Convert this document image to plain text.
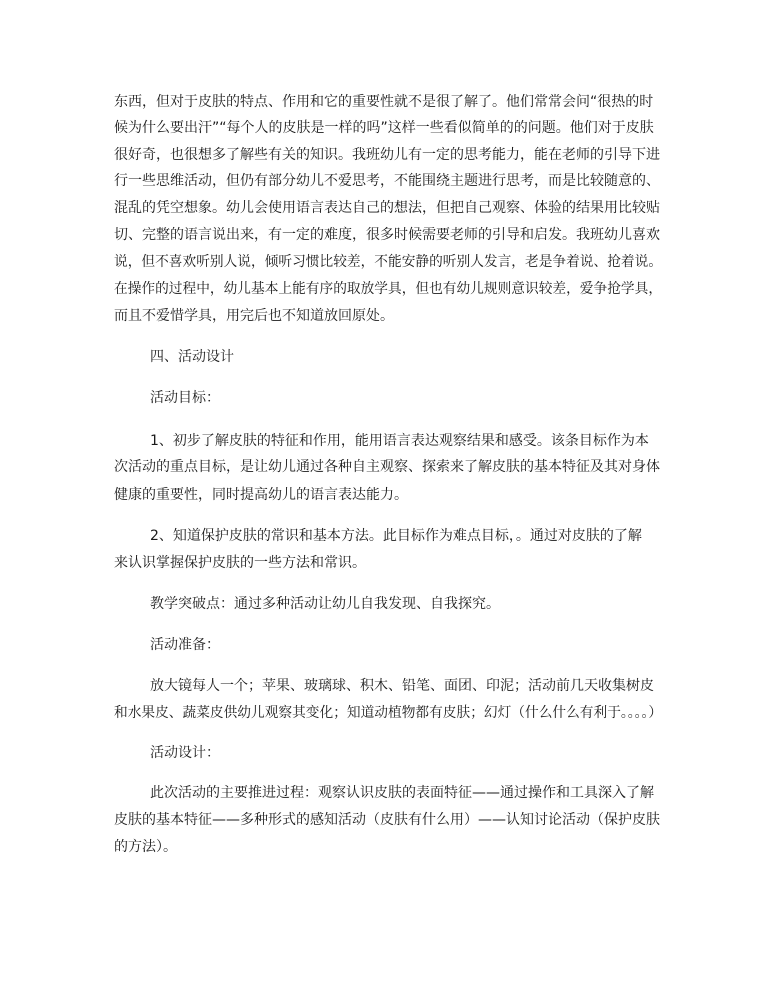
东西，但对于皮肤的特点、作用和它的重要性就不是很了解了。他们常常会问“很热的时
候为什么要出汗”“每个人的皮肤是一样的吗”这样一些看似简单的的问题。他们对于皮肤
很好奇，也很想多了解些有关的知识。我班幼儿有一定的思考能力，能在老师的引导下进
行一些思维活动，但仍有部分幼儿不爱思考，不能围绕主题进行思考，而是比较随意的、
混乱的凭空想象。幼儿会使用语言表达自己的想法，但把自己观察、体验的结果用比较贴
切、完整的语言说出来，有一定的难度，很多时候需要老师的引导和启发。我班幼儿喜欢
说，但不喜欢听别人说，倾听习惯比较差，不能安静的听别人发言，老是争着说、抢着说。
在操作的过程中，幼儿基本上能有序的取放学具，但也有幼儿规则意识较差，爱争抢学具，
而且不爱惜学具，用完后也不知道放回原处。
四、活动设计
活动目标：
1、初步了解皮肤的特征和作用，能用语言表达观察结果和感受。该条目标作为本
次活动的重点目标，是让幼儿通过各种自主观察、探索来了解皮肤的基本特征及其对身体
健康的重要性，同时提高幼儿的语言表达能力。
2、知道保护皮肤的常识和基本方法。此目标作为难点目标，。通过对皮肤的了解
来认识掌握保护皮肤的一些方法和常识。
教学突破点：通过多种活动让幼儿自我发现、自我探究。
活动准备：
放大镜每人一个；苹果、玻璃球、积木、铅笔、面团、印泥；活动前几天收集树皮
和水果皮、蔬菜皮供幼儿观察其变化；知道动植物都有皮肤；幻灯（什么什么有利于。。。。）
活动设计：
此次活动的主要推进过程：观察认识皮肤的表面特征——通过操作和工具深入了解
皮肤的基本特征——多种形式的感知活动（皮肤有什么用）——认知讨论活动（保护皮肤
的方法）。
